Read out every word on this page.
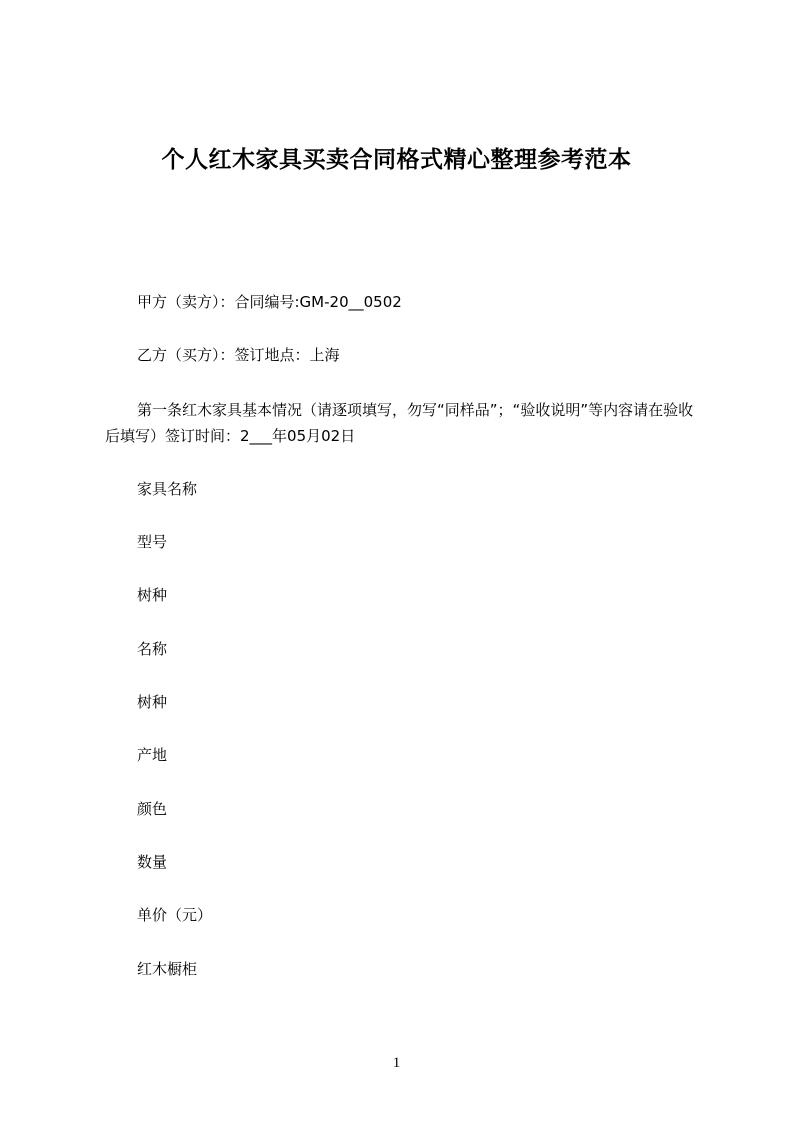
个人红木家具买卖合同格式精心整理参考范本
甲方（卖方）：合同编号:GM-20__0502
乙方（买方）：签订地点：上海
第一条红木家具基本情况（请逐项填写，勿写“同样品”；“验收说明”等内容请在验收后填写）签订时间：2___年05月02日
家具名称
型号
树种
名称
树种
产地
颜色
数量
单价（元）
红木橱柜
1
